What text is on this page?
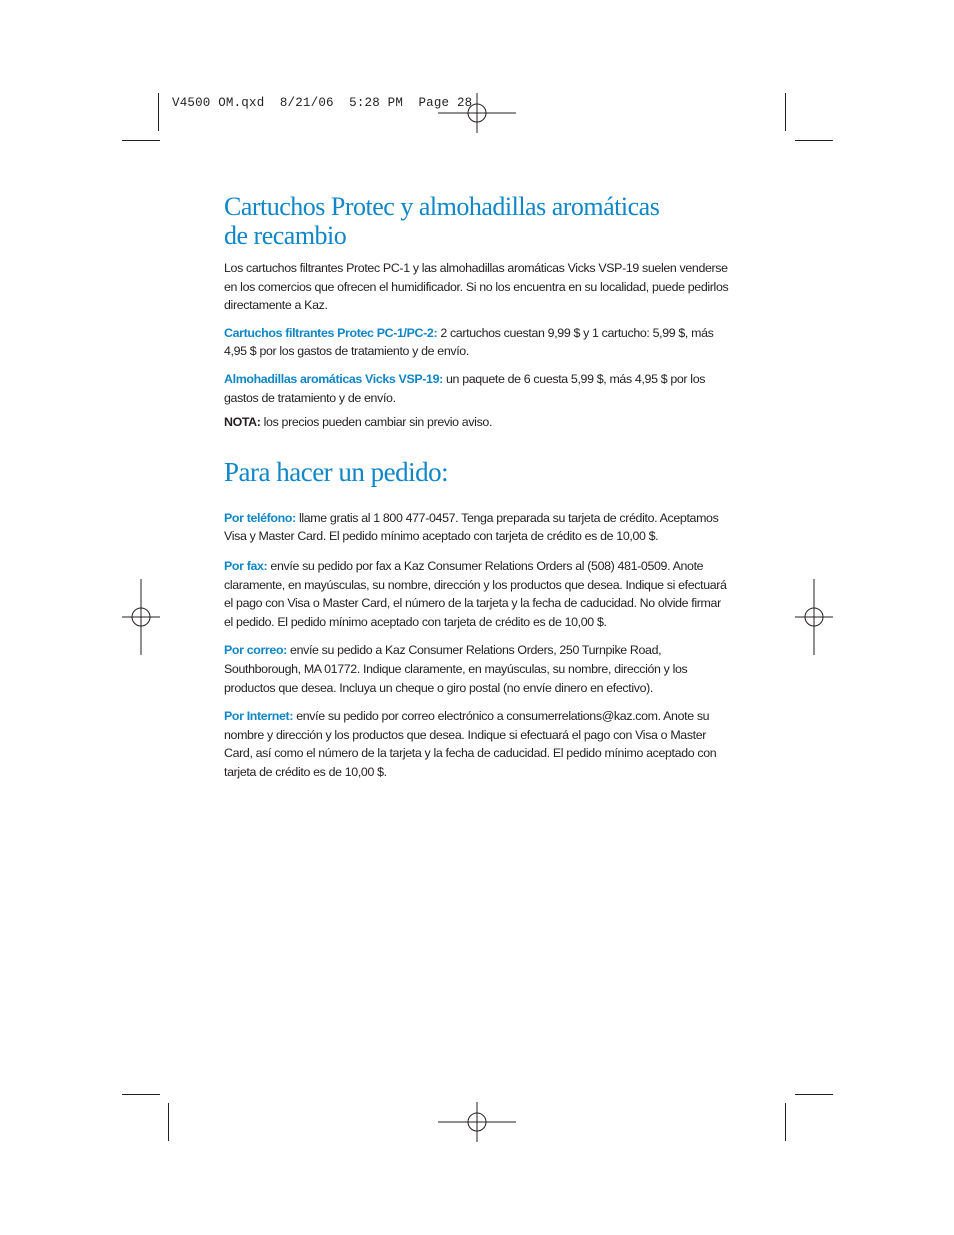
V4500 OM.qxd  8/21/06  5:28 PM  Page 28
Cartuchos Protec y almohadillas aromáticas de recambio

Los cartuchos filtrantes Protec PC-1 y las almohadillas aromáticas Vicks VSP-19 suelen venderse en los comercios que ofrecen el humidificador. Si no los encuentra en su localidad, puede pedirlos directamente a Kaz.

Cartuchos filtrantes Protec PC-1/PC-2: 2 cartuchos cuestan 9,99 $ y 1 cartucho: 5,99 $, más 4,95 $ por los gastos de tratamiento y de envío.

Almohadillas aromáticas Vicks VSP-19: un paquete de 6 cuesta 5,99 $, más 4,95 $ por los gastos de tratamiento y de envío.

NOTA: los precios pueden cambiar sin previo aviso.

Para hacer un pedido:

Por teléfono: llame gratis al 1 800 477-0457. Tenga preparada su tarjeta de crédito. Aceptamos Visa y Master Card. El pedido mínimo aceptado con tarjeta de crédito es de 10,00 $.

Por fax: envíe su pedido por fax a Kaz Consumer Relations Orders al (508) 481-0509. Anote claramente, en mayúsculas, su nombre, dirección y los productos que desea. Indique si efectuará el pago con Visa o Master Card, el número de la tarjeta y la fecha de caducidad. No olvide firmar el pedido. El pedido mínimo aceptado con tarjeta de crédito es de 10,00 $.

Por correo: envíe su pedido a Kaz Consumer Relations Orders, 250 Turnpike Road, Southborough, MA 01772. Indique claramente, en mayúsculas, su nombre, dirección y los productos que desea. Incluya un cheque o giro postal (no envíe dinero en efectivo).

Por Internet: envíe su pedido por correo electrónico a consumerrelations@kaz.com. Anote su nombre y dirección y los productos que desea. Indique si efectuará el pago con Visa o Master Card, así como el número de la tarjeta y la fecha de caducidad. El pedido mínimo aceptado con tarjeta de crédito es de 10,00 $.
